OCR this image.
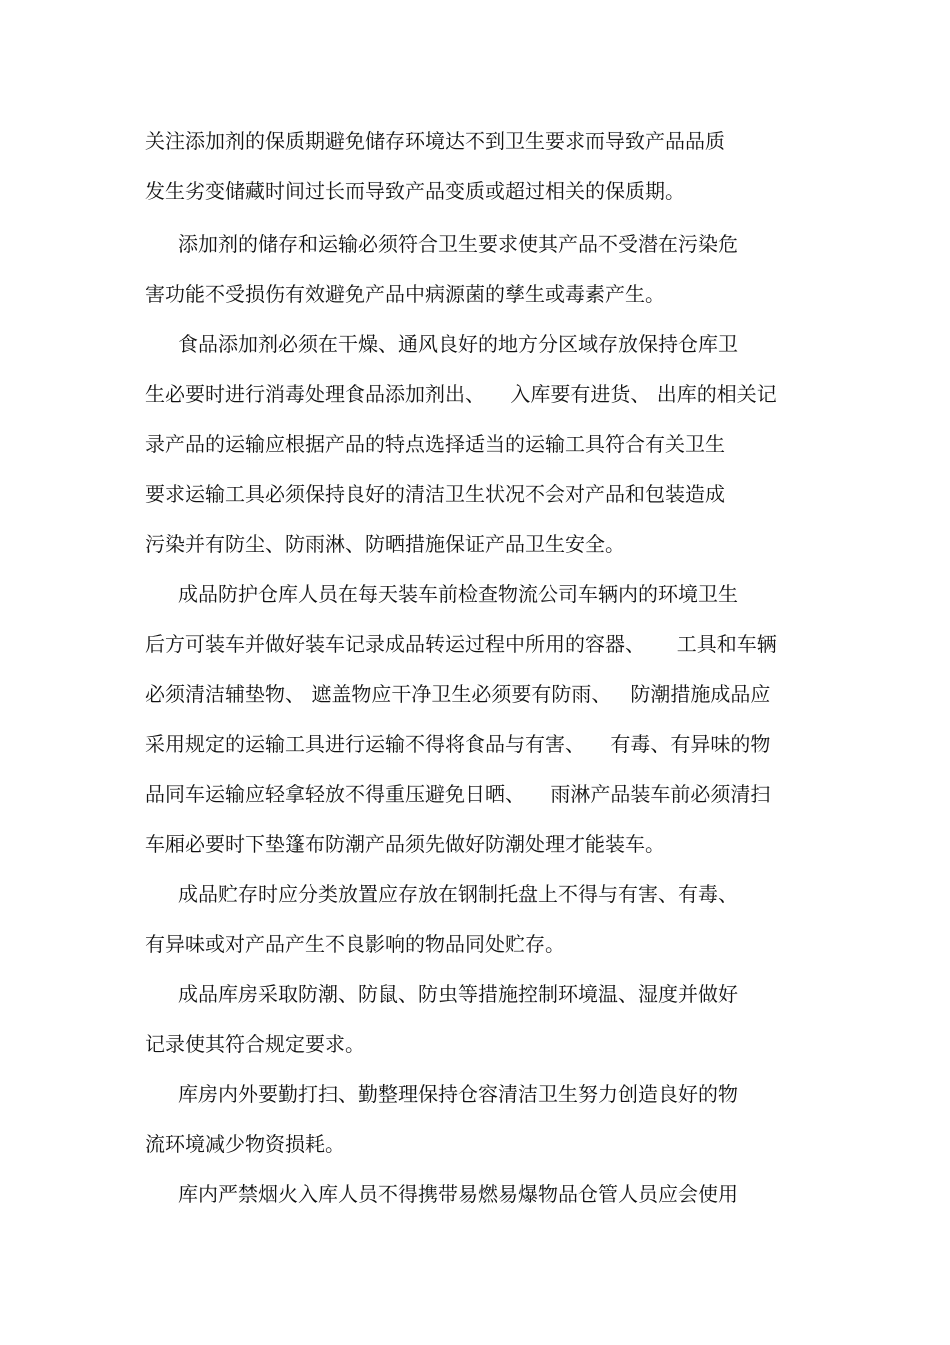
关注添加剂的保质期避免储存环境达不到卫生要求而导致产品品质
发生劣变储藏时间过长而导致产品变质或超过相关的保质期。
添加剂的储存和运输必须符合卫生要求使其产品不受潜在污染危
害功能不受损伤有效避免产品中病源菌的孳生或毒素产生。
食品添加剂必须在干燥、通风良好的地方分区域存放保持仓库卫
生必要时进行消毒处理食品添加剂出、    入库要有进货、 出库的相关记
录产品的运输应根据产品的特点选择适当的运输工具符合有关卫生
要求运输工具必须保持良好的清洁卫生状况不会对产品和包装造成
污染并有防尘、防雨淋、防晒措施保证产品卫生安全。
成品防护仓库人员在每天装车前检查物流公司车辆内的环境卫生
后方可装车并做好装车记录成品转运过程中所用的容器、     工具和车辆
必须清洁辅垫物、 遮盖物应干净卫生必须要有防雨、   防潮措施成品应
采用规定的运输工具进行运输不得将食品与有害、    有毒、有异味的物
品同车运输应轻拿轻放不得重压避免日晒、    雨淋产品装车前必须清扫
车厢必要时下垫篷布防潮产品须先做好防潮处理才能装车。
成品贮存时应分类放置应存放在钢制托盘上不得与有害、有毒、
有异味或对产品产生不良影响的物品同处贮存。
成品库房采取防潮、防鼠、防虫等措施控制环境温、湿度并做好
记录使其符合规定要求。
库房内外要勤打扫、勤整理保持仓容清洁卫生努力创造良好的物
流环境减少物资损耗。
库内严禁烟火入库人员不得携带易燃易爆物品仓管人员应会使用
